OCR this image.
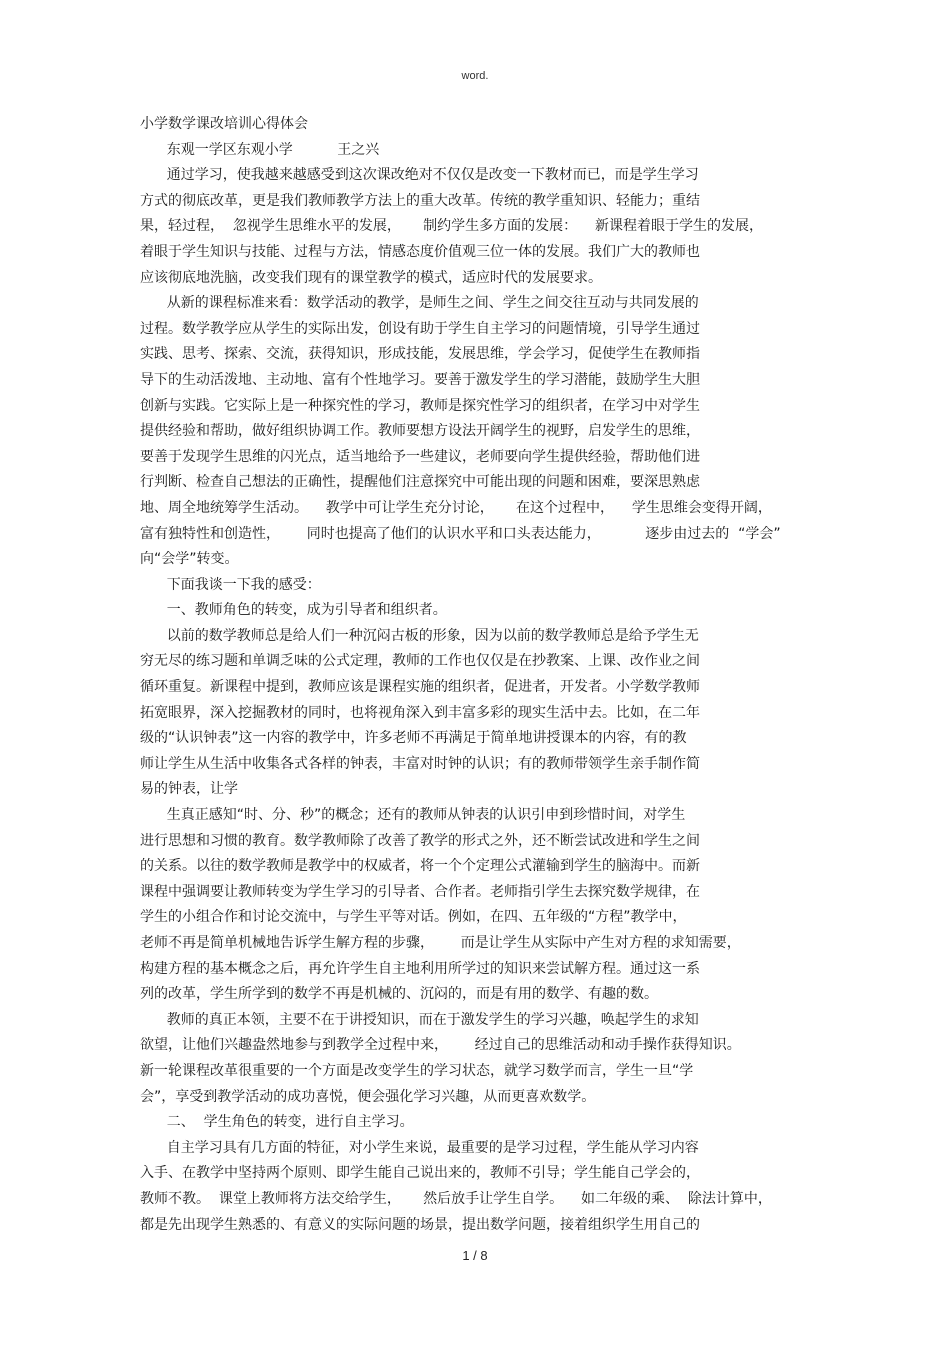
word.
小学数学课改培训心得体会
东观一学区东观小学          王之兴
通过学习，使我越来越感受到这次课改绝对不仅仅是改变一下教材而已，而是学生学习
方式的彻底改革，更是我们教师教学方法上的重大改革。传统的教学重知识、轻能力；重结
果，轻过程，  忽视学生思维水平的发展，     制约学生多方面的发展：    新课程着眼于学生的发展，
着眼于学生知识与技能、过程与方法，情感态度价值观三位一体的发展。我们广大的教师也
应该彻底地洗脑，改变我们现有的课堂教学的模式，适应时代的发展要求。
从新的课程标准来看：数学活动的教学，是师生之间、学生之间交往互动与共同发展的
过程。数学教学应从学生的实际出发，创设有助于学生自主学习的问题情境，引导学生通过
实践、思考、探索、交流，获得知识，形成技能，发展思维，学会学习，促使学生在教师指
导下的生动活泼地、主动地、富有个性地学习。要善于激发学生的学习潜能，鼓励学生大胆
创新与实践。它实际上是一种探究性的学习，教师是探究性学习的组织者，在学习中对学生
提供经验和帮助，做好组织协调工作。教师要想方设法开阔学生的视野，启发学生的思维，
要善于发现学生思维的闪光点，适当地给予一些建议，老师要向学生提供经验，帮助他们进
行判断、检查自己想法的正确性，提醒他们注意探究中可能出现的问题和困难，要深思熟虑
地、周全地统筹学生活动。    教学中可让学生充分讨论，     在这个过程中，    学生思维会变得开阔，
富有独特性和创造性，      同时也提高了他们的认识水平和口头表达能力，          逐步由过去的  “学会”
向“会学”转变。
下面我谈一下我的感受：
一、教师角色的转变，成为引导者和组织者。
以前的数学教师总是给人们一种沉闷古板的形象，因为以前的数学教师总是给予学生无
穷无尽的练习题和单调乏味的公式定理，教师的工作也仅仅是在抄教案、上课、改作业之间
循环重复。新课程中提到，教师应该是课程实施的组织者，促进者，开发者。小学数学教师
拓宽眼界，深入挖掘教材的同时，也将视角深入到丰富多彩的现实生活中去。比如，在二年
级的“认识钟表”这一内容的教学中，许多老师不再满足于简单地讲授课本的内容，有的教
师让学生从生活中收集各式各样的钟表，丰富对时钟的认识；有的教师带领学生亲手制作简
易的钟表，让学
生真正感知“时、分、秒”的概念；还有的教师从钟表的认识引申到珍惜时间，对学生
进行思想和习惯的教育。数学教师除了改善了教学的形式之外，还不断尝试改进和学生之间
的关系。以往的数学教师是教学中的权威者，将一个个定理公式灌输到学生的脑海中。而新
课程中强调要让教师转变为学生学习的引导者、合作者。老师指引学生去探究数学规律，在
学生的小组合作和讨论交流中，与学生平等对话。例如，在四、五年级的“方程”教学中，
老师不再是简单机械地告诉学生解方程的步骤，      而是让学生从实际中产生对方程的求知需要，
构建方程的基本概念之后，再允许学生自主地利用所学过的知识来尝试解方程。通过这一系
列的改革，学生所学到的数学不再是机械的、沉闷的，而是有用的数学、有趣的数。
教师的真正本领，主要不在于讲授知识，而在于激发学生的学习兴趣，唤起学生的求知
欲望，让他们兴趣盎然地参与到教学全过程中来，      经过自己的思维活动和动手操作获得知识。
新一轮课程改革很重要的一个方面是改变学生的学习状态，就学习数学而言，学生一旦“学
会”，享受到教学活动的成功喜悦，便会强化学习兴趣，从而更喜欢数学。
二、  学生角色的转变，进行自主学习。
自主学习具有几方面的特征，对小学生来说，最重要的是学习过程，学生能从学习内容
入手、在教学中坚持两个原则、即学生能自己说出来的，教师不引导；学生能自己学会的，
教师不教。  课堂上教师将方法交给学生，     然后放手让学生自学。    如二年级的乘、  除法计算中，
都是先出现学生熟悉的、有意义的实际问题的场景，提出数学问题，接着组织学生用自己的
1 / 8
